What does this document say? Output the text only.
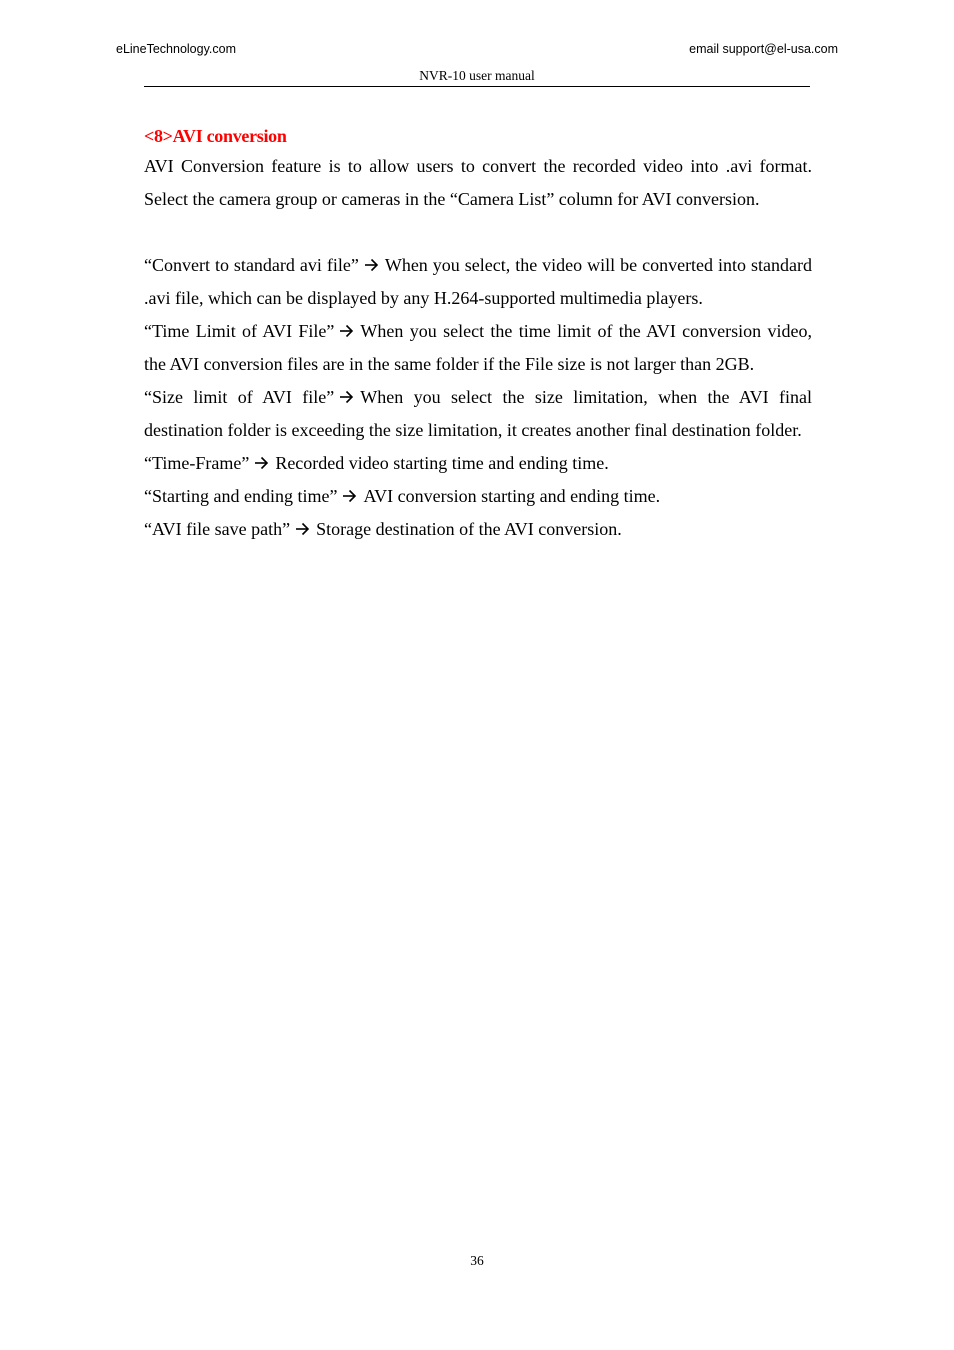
eLineTechnology.com	email support@el-usa.com
NVR-10 user manual
<8>AVI conversion

AVI Conversion feature is to allow users to convert the recorded video into .avi format. Select the camera group or cameras in the “Camera List” column for AVI conversion.

“Convert to standard avi file” When you select, the video will be converted into standard .avi file, which can be displayed by any H.264-supported multimedia players.

“Time Limit of AVI File” When you select the time limit of the AVI conversion video, the AVI conversion files are in the same folder if the File size is not larger than 2GB.

“Size limit of AVI file” When you select the size limitation, when the AVI final destination folder is exceeding the size limitation, it creates another final destination folder.

“Time-Frame” Recorded video starting time and ending time.

“Starting and ending time” AVI conversion starting and ending time.

“AVI file save path” Storage destination of the AVI conversion.

36
